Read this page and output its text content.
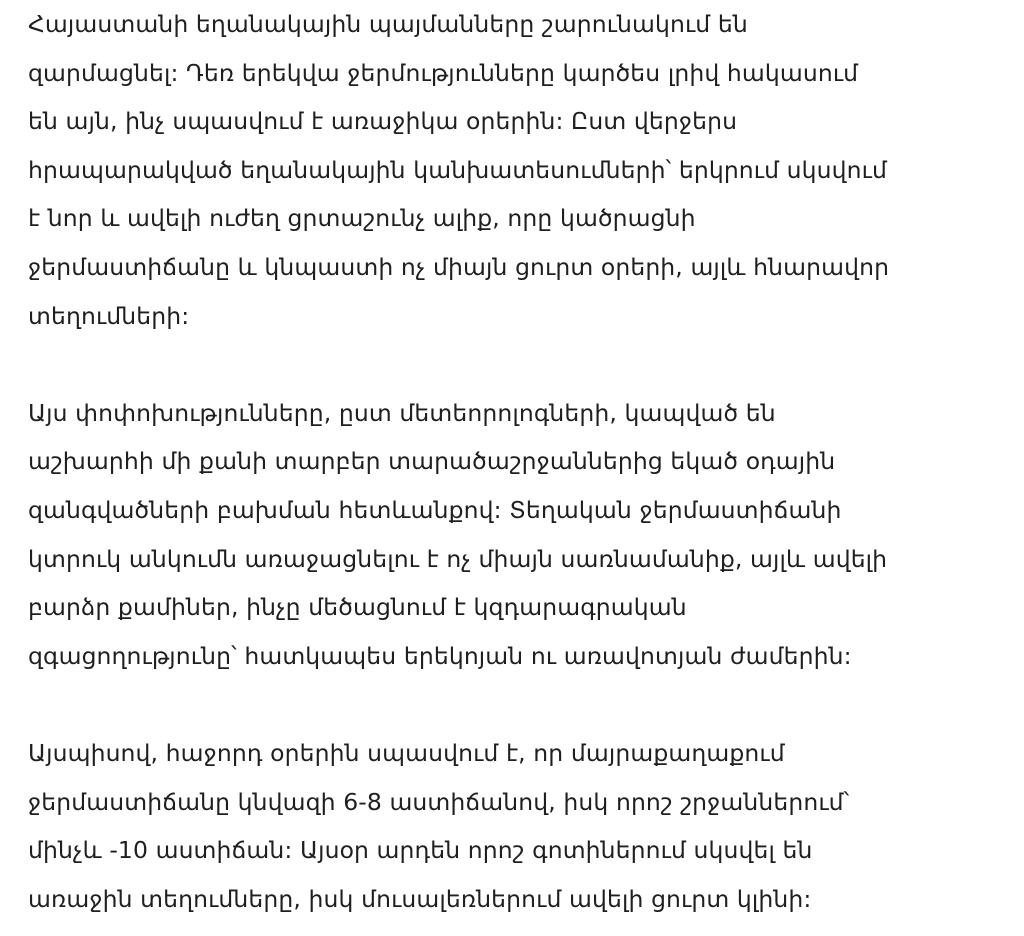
Հայաստանի եղանակային պայմանները շարունակում են
զարմացնել: Դեռ երեկվա ջերմությունները կարծես լրիվ հակասում
են այն, ինչ սպասվում է առաջիկա օրերին: Ըստ վերջերս
հրապարակված եղանակային կանխատեսումների՝ երկրում սկսվում
է նոր և ավելի ուժեղ ցրտաշունչ ալիք, որը կածրացնի
ջերմաստիճանը և կնպաստի ոչ միայն ցուրտ օրերի, այլև հնարավոր
տեղումների:

Այս փոփոխությունները, ըստ մետեորոլոգների, կապված են
աշխարհի մի քանի տարբեր տարածաշրջաններից եկած օդային
զանգվածների բախման հետևանքով: Տեղական ջերմաստիճանի
կտրուկ անկումն առաջացնելու է ոչ միայն սառնամանիք, այլև ավելի
բարձր քամիներ, ինչը մեծացնում է կզդարագրական
զգացողությունը՝ հատկապես երեկոյան ու առավոտյան ժամերին:

Այսպիսով, հաջորդ օրերին սպասվում է, որ մայրաքաղաքում
ջերմաստիճանը կնվազի 6-8 աստիճանով, իսկ որոշ շրջաններում՝
մինչև -10 աստիճան: Այսօր արդեն որոշ գոտիներում սկսվել են
առաջին տեղումները, իսկ մուսալեռներում ավելի ցուրտ կլինի:
